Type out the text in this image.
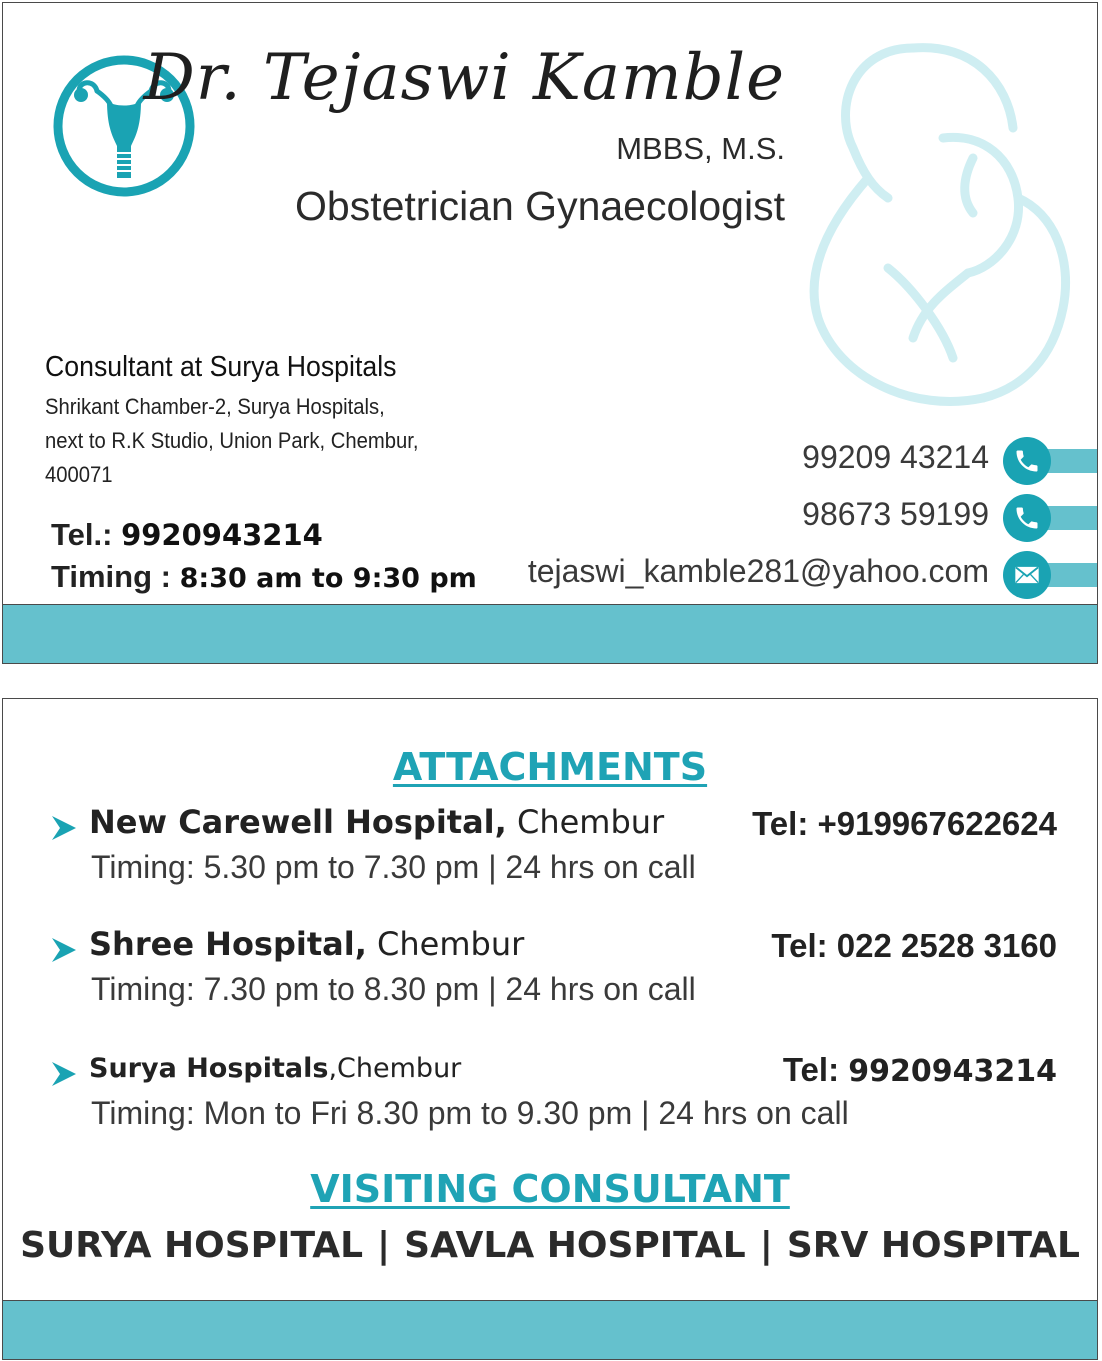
Dr. Tejaswi Kamble
MBBS, M.S.
Obstetrician Gynaecologist
Consultant at Surya Hospitals
Shrikant Chamber-2, Surya Hospitals,
next to R.K Studio, Union Park, Chembur,
400071
Tel.: 9920943214
Timing : 8:30 am to 9:30 pm
99209 43214
98673 59199
tejaswi_kamble281@yahoo.com
ATTACHMENTS
New Carewell Hospital, Chembur	Tel: +919967622624
Timing: 5.30 pm to 7.30 pm | 24 hrs on call
Shree Hospital, Chembur	Tel: 022 2528 3160
Timing: 7.30 pm to 8.30 pm | 24 hrs on call
Surya Hospitals,Chembur	Tel: 9920943214
Timing: Mon to Fri 8.30 pm to 9.30 pm | 24 hrs on call
VISITING CONSULTANT
SURYA HOSPITAL | SAVLA HOSPITAL | SRV HOSPITAL
